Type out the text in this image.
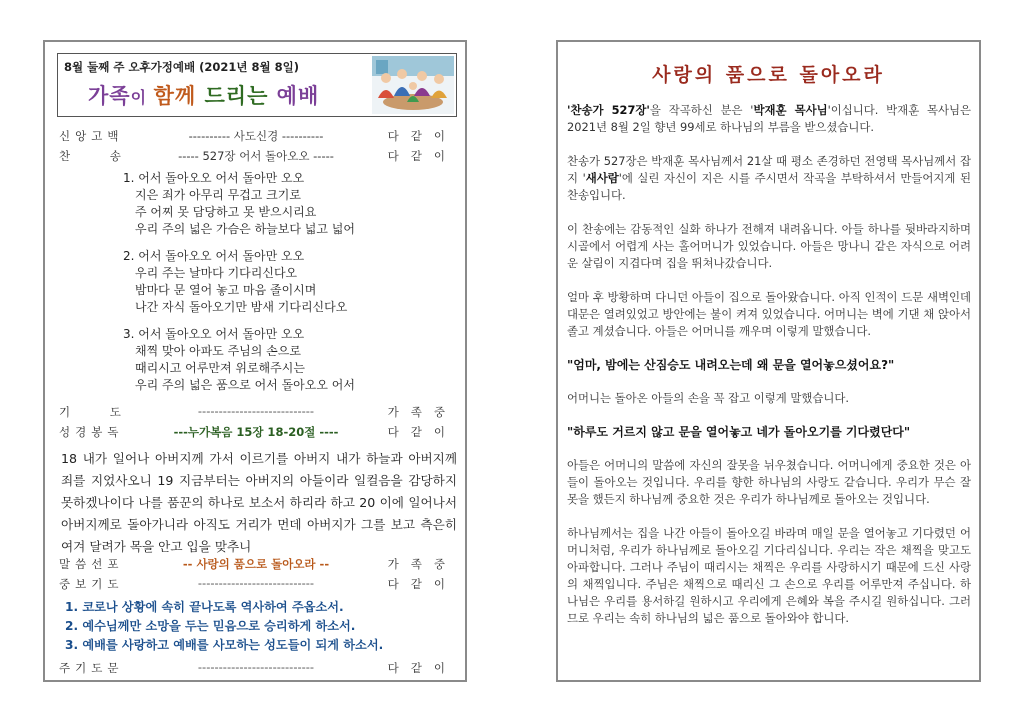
8월 둘째 주 오후가정예배 (2021년 8월 8일)
가족이 함께 드리는 예배
신앙고백	---------- 사도신경 ----------	다같이
찬    송	----- 527장 어서 돌아오오 -----	다같이
1. 어서 돌아오오 어서 돌아만 오오
지은 죄가 아무리 무겁고 크기로
주 어찌 못 담당하고 못 받으시리요
우리 주의 넓은 가슴은 하늘보다 넓고 넓어
2. 어서 돌아오오 어서 돌아만 오오
우리 주는 날마다 기다리신다오
밤마다 문 열어 놓고 마음 졸이시며
나간 자식 돌아오기만 밤새 기다리신다오
3. 어서 돌아오오 어서 돌아만 오오
채찍 맞아 아파도 주님의 손으로
때리시고 어루만져 위로해주시는
우리 주의 넓은 품으로 어서 돌아오오 어서
기    도	----------------------------	가족중
성경봉독	---누가복음 15장 18-20절 ----	다같이
18 내가 일어나 아버지께 가서 이르기를 아버지 내가 하늘과 아버지께 죄를 지었사오니 19 지금부터는 아버지의 아들이라 일컬음을 감당하지 못하겠나이다 나를 품꾼의 하나로 보소서 하리라 하고 20 이에 일어나서 아버지께로 돌아가니라 아직도 거리가 먼데 아버지가 그를 보고 측은히 여겨 달려가 목을 안고 입을 맞추니
말씀선포	-- 사랑의 품으로 돌아오라 --	가족중
중보기도	----------------------------	다같이
1. 코로나 상황에 속히 끝나도록 역사하여 주옵소서.
2. 예수님께만 소망을 두는 믿음으로 승리하게 하소서.
3. 예배를 사랑하고 예배를 사모하는 성도들이 되게 하소서.
주기도문	----------------------------	다같이
사랑의 품으로 돌아오라

'찬송가 527장'을 작곡하신 분은 '박재훈 목사님'이십니다. 박재훈 목사님은 2021년 8월 2일 향년 99세로 하나님의 부름을 받으셨습니다.

찬송가 527장은 박재훈 목사님께서 21살 때 평소 존경하던 전영택 목사님께서 잡지 '새사람'에 실린 자신이 지은 시를 주시면서 작곡을 부탁하셔서 만들어지게 된 찬송입니다.

이 찬송에는 감동적인 실화 하나가 전해져 내려옵니다. 아들 하나를 뒷바라지하며 시골에서 어렵게 사는 홀어머니가 있었습니다. 아들은 망나니 같은 자식으로 어려운 살림이 지겹다며 집을 뛰쳐나갔습니다.

얼마 후 방황하며 다니던 아들이 집으로 돌아왔습니다. 아직 인적이 드문 새벽인데 대문은 열려있었고 방안에는 불이 켜져 있었습니다. 어머니는 벽에 기댄 채 앉아서 졸고 계셨습니다. 아들은 어머니를 깨우며 이렇게 말했습니다.

"엄마, 밤에는 산짐승도 내려오는데 왜 문을 열어놓으셨어요?"

어머니는 돌아온 아들의 손을 꼭 잡고 이렇게 말했습니다.

"하루도 거르지 않고 문을 열어놓고 네가 돌아오기를 기다렸단다"

아들은 어머니의 말씀에 자신의 잘못을 뉘우쳤습니다. 어머니에게 중요한 것은 아들이 돌아오는 것입니다. 우리를 향한 하나님의 사랑도 같습니다. 우리가 무슨 잘못을 했든지 하나님께 중요한 것은 우리가 하나님께로 돌아오는 것입니다.

하나님께서는 집을 나간 아들이 돌아오길 바라며 매일 문을 열어놓고 기다렸던 어머니처럼, 우리가 하나님께로 돌아오길 기다리십니다. 우리는 작은 채찍을 맞고도 아파합니다. 그러나 주님이 때리시는 채찍은 우리를 사랑하시기 때문에 드신 사랑의 채찍입니다. 주님은 채찍으로 때리신 그 손으로 우리를 어루만져 주십니다. 하나님은 우리를 용서하길 원하시고 우리에게 은혜와 복을 주시길 원하십니다. 그러므로 우리는 속히 하나님의 넓은 품으로 돌아와야 합니다.
